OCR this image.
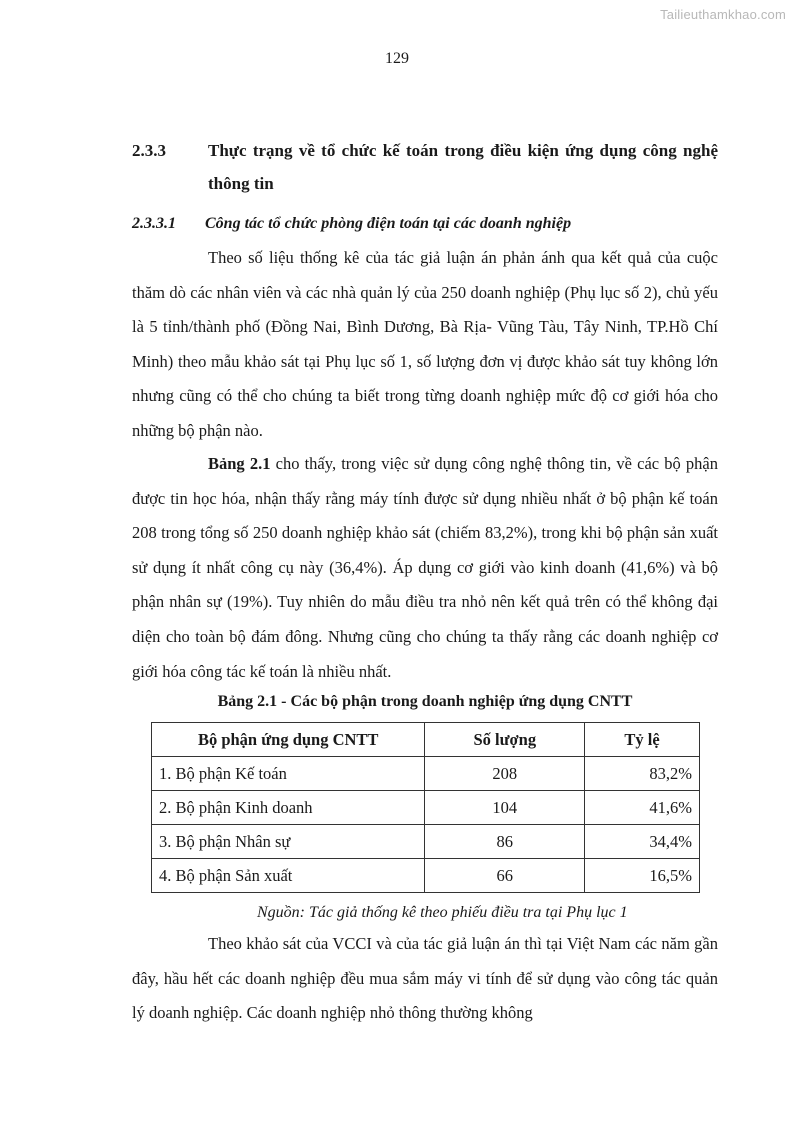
Tailieuthamkhao.com
129
2.3.3 Thực trạng về tổ chức kế toán trong điều kiện ứng dụng công nghệ thông tin
2.3.3.1 Công tác tổ chức phòng điện toán tại các doanh nghiệp

Theo số liệu thống kê của tác giả luận án phản ánh qua kết quả của cuộc thăm dò các nhân viên và các nhà quản lý của 250 doanh nghiệp (Phụ lục số 2), chủ yếu là 5 tỉnh/thành phố (Đồng Nai, Bình Dương, Bà Rịa- Vũng Tàu, Tây Ninh, TP.Hồ Chí Minh) theo mẫu khảo sát tại Phụ lục số 1, số lượng đơn vị được khảo sát tuy không lớn nhưng cũng có thể cho chúng ta biết trong từng doanh nghiệp mức độ cơ giới hóa cho những bộ phận nào.

Bảng 2.1 cho thấy, trong việc sử dụng công nghệ thông tin, về các bộ phận được tin học hóa, nhận thấy rằng máy tính được sử dụng nhiều nhất ở bộ phận kế toán 208 trong tổng số 250 doanh nghiệp khảo sát (chiếm 83,2%), trong khi bộ phận sản xuất sử dụng ít nhất công cụ này (36,4%). Áp dụng cơ giới vào kinh doanh (41,6%) và bộ phận nhân sự (19%). Tuy nhiên do mẫu điều tra nhỏ nên kết quả trên có thể không đại diện cho toàn bộ đám đông. Nhưng cũng cho chúng ta thấy rằng các doanh nghiệp cơ giới hóa công tác kế toán là nhiều nhất.

Bảng 2.1 - Các bộ phận trong doanh nghiệp ứng dụng CNTT

Theo khảo sát của VCCI và của tác giả luận án thì tại Việt Nam các năm gần đây, hầu hết các doanh nghiệp đều mua sắm máy vi tính để sử dụng vào công tác quản lý doanh nghiệp. Các doanh nghiệp nhỏ thông thường không

Bộ phận ứng dụng CNTT	Số lượng	Tỷ lệ
1. Bộ phận Kế toán	208	83,2%
2. Bộ phận Kinh doanh	104	41,6%
3. Bộ phận Nhân sự	86	34,4%
4. Bộ phận Sản xuất	66	16,5%
Nguồn: Tác giả thống kê theo phiếu điều tra tại Phụ lục 1
